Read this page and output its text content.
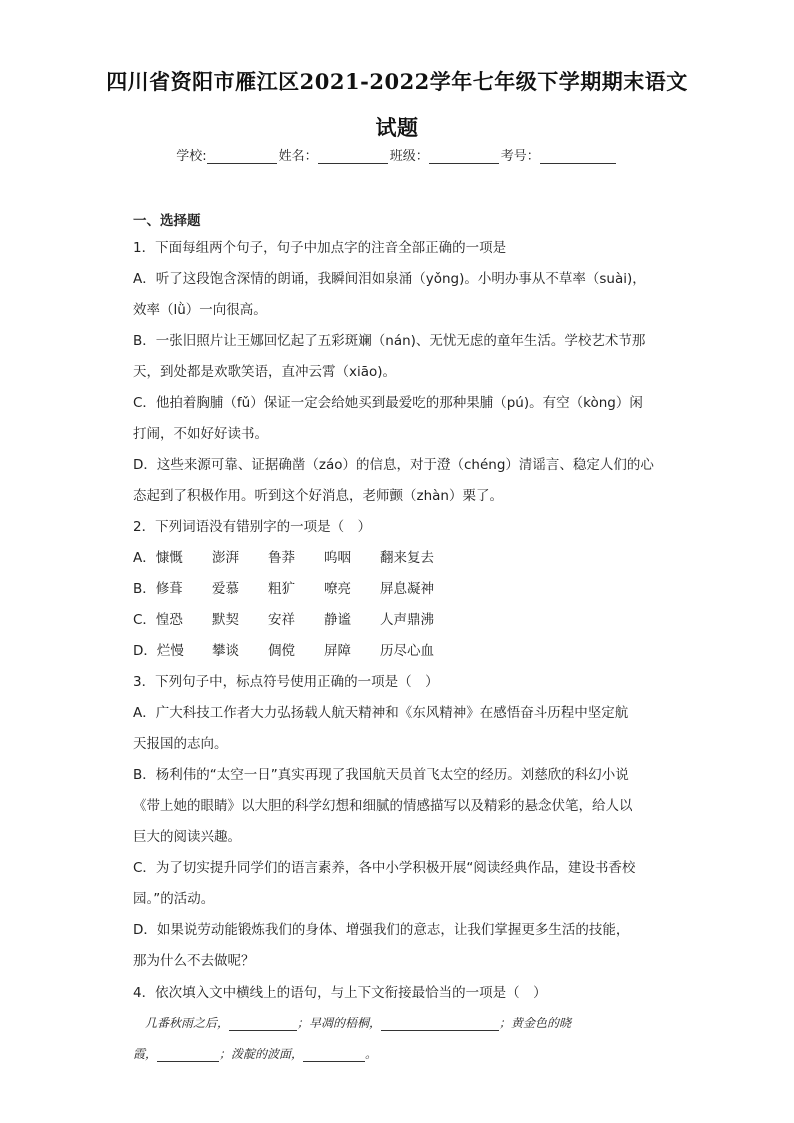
四川省资阳市雁江区2021-2022学年七年级下学期期末语文
试题
学校:	姓名：	班级：	考号：
一、选择题
1．下面每组两个句子，句子中加点字的注音全部正确的一项是
A．听了这段饱含深情的朗诵，我瞬间泪如泉涌（yǒng)。小明办事从不草率（suài)，
效率（lǜ）一向很高。
B．一张旧照片让王娜回忆起了五彩斑斓（nán)、无忧无虑的童年生活。学校艺术节那
天，到处都是欢歌笑语，直冲云霄（xiāo)。
C．他拍着胸脯（fǔ）保证一定会给她买到最爱吃的那种果脯（pú)。有空（kòng）闲
打闹，不如好好读书。
D．这些来源可靠、证据确凿（záo）的信息，对于澄（chéng）清谣言、稳定人们的心
态起到了积极作用。听到这个好消息，老师颤（zhàn）栗了。
2．下列词语没有错别字的一项是（　）
A．慷慨 澎湃 鲁莽 呜咽 翻来复去
B．修葺 爱慕 粗犷 嘹亮 屏息凝神
C．惶恐 默契 安祥 静谧 人声鼎沸
D．烂慢 攀谈 倜傥 屏障 历尽心血
3．下列句子中，标点符号使用正确的一项是（　）
A．广大科技工作者大力弘扬载人航天精神和《东风精神》在感悟奋斗历程中坚定航
天报国的志向。
B．杨利伟的“太空一日”真实再现了我国航天员首飞太空的经历。刘慈欣的科幻小说
《带上她的眼睛》以大胆的科学幻想和细腻的情感描写以及精彩的悬念伏笔，给人以
巨大的阅读兴趣。
C．为了切实提升同学们的语言素养，各中小学积极开展“阅读经典作品，建设书香校
园。”的活动。
D．如果说劳动能锻炼我们的身体、增强我们的意志，让我们掌握更多生活的技能，
那为什么不去做呢？
4．依次填入文中横线上的语句，与上下文衔接最恰当的一项是（　）
几番秋雨之后，	；早凋的梧桐，	；黄金色的晓
霞，	；泼靛的波面，	。
